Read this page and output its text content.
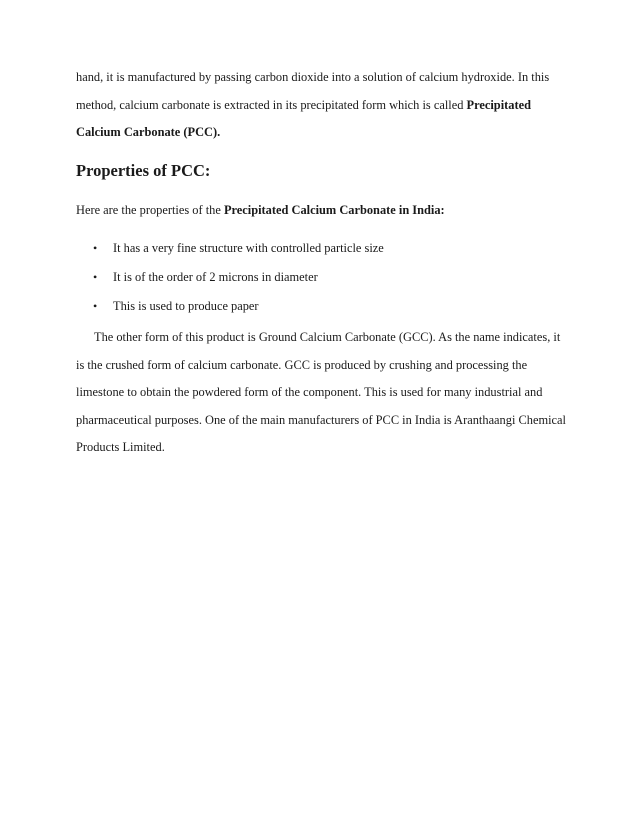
hand, it is manufactured by passing carbon dioxide into a solution of calcium hydroxide. In this method, calcium carbonate is extracted in its precipitated form which is called Precipitated Calcium Carbonate (PCC).

Properties of PCC:

Here are the properties of the Precipitated Calcium Carbonate in India:

• It has a very fine structure with controlled particle size
• It is of the order of 2 microns in diameter
• This is used to produce paper

The other form of this product is Ground Calcium Carbonate (GCC). As the name indicates, it is the crushed form of calcium carbonate. GCC is produced by crushing and processing the limestone to obtain the powdered form of the component. This is used for many industrial and pharmaceutical purposes. One of the main manufacturers of PCC in India is Aranthaangi Chemical Products Limited.
